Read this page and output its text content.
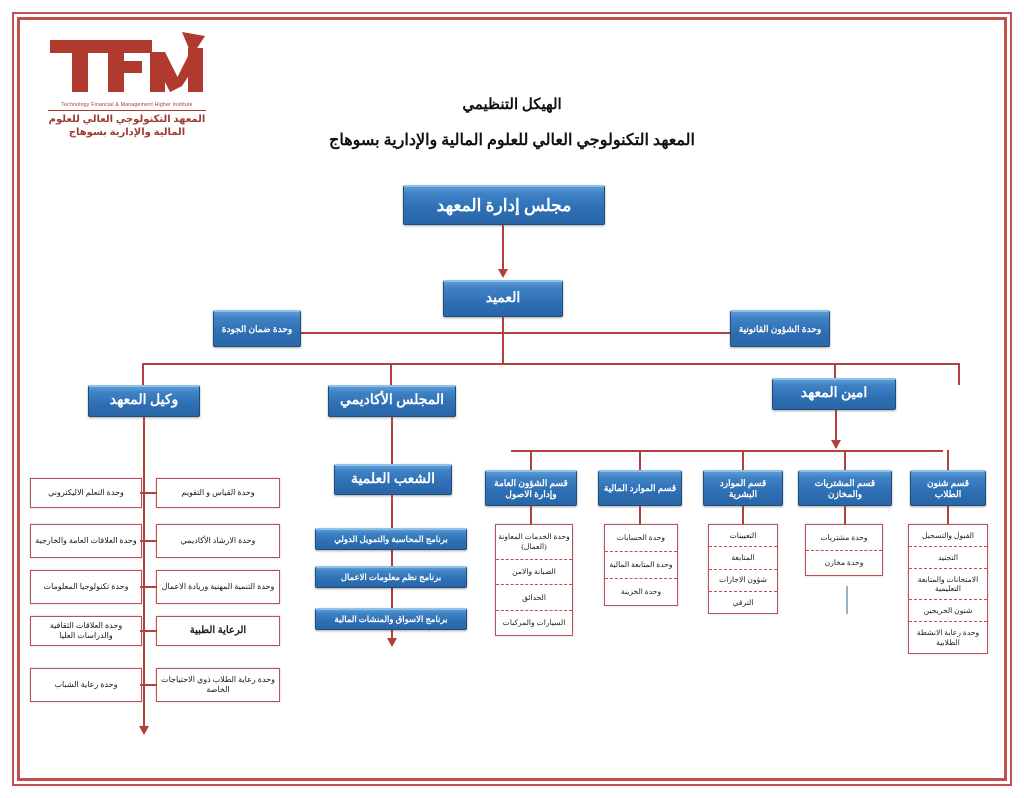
Technology Financial & Management Higher Institute
المعهد التكنولوجي العالي للعلوم
المالية والإدارية بسوهاج
الهيكل التنظيمي
المعهد التكنولوجي العالي للعلوم المالية والإدارية بسوهاج
مجلس إدارة المعهد
العميد
وحدة ضمان الجودة	وحدة الشؤون القانونية
وكيل المعهد	المجلس الأكاديمي	امين المعهد
وحدة القياس و التقويم
وحدة الارشاد الأكاديمي
وحدة التنمية المهنية وريادة الاعمال
الرعاية الطبية
وحدة رعاية الطلاب ذوي الاحتياجات الخاصة
وحدة التعلم الاليكتروني
وحدة العلاقات العامة والخارجية
وحدة تكنولوجيا المعلومات
وحدة العلاقات الثقافية والدراسات العليا
وحدة رعاية الشباب
الشعب العلمية
برنامج المحاسبة والتمويل الدولي
برنامج نظم معلومات الاعمال
برنامج الاسواق والمنشات المالية
قسم الشؤون العامة وإدارة الاصول
وحدة الخدمات المعاونة (العمال)
الصيانة والامن
الحدائق
السيارات والمركبات
قسم الموارد المالية
وحدة الحسابات
وحدة المتابعة المالية
وحدة الخزينة
قسم الموارد البشرية
التعيينات
المتابعة
شؤون الاجازات
الترقي
قسم المشتريات والمخازن
وحدة مشتريات
وحدة مخازن
قسم شنون الطلاب
القبول والتسجيل
التجنيد
الامتحانات والمتابعة التعليمية
شنون الخريجين
وحدة رعاية الانشطة الطلابية
